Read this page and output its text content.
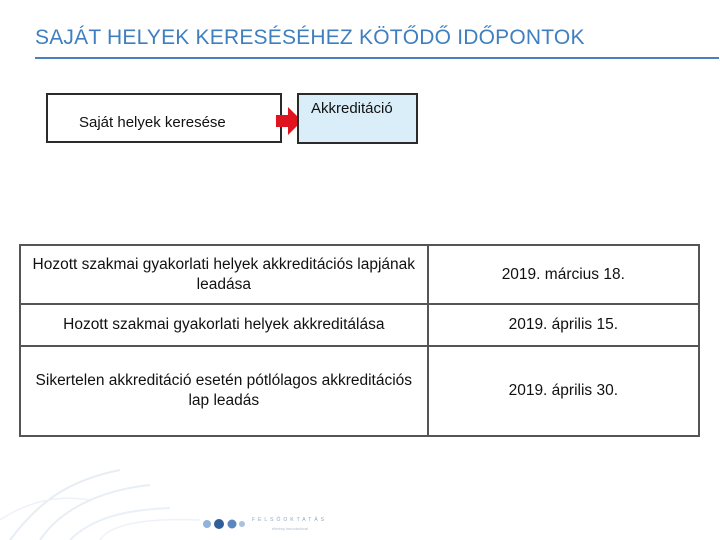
SAJÁT HELYEK KERESÉSÉHEZ KÖTŐDŐ IDŐPONTOK
Saját helyek keresése
Akkreditáció
Hozott szakmai gyakorlati helyek akkreditációs lapjának leadása	2019. március 18.
Hozott szakmai gyakorlati helyek akkreditálása	2019. április 15.
Sikertelen akkreditáció esetén pótlólagos akkreditációs lap leadás	2019. április 30.
FELSŐOKTATÁS
élmény innovációval
